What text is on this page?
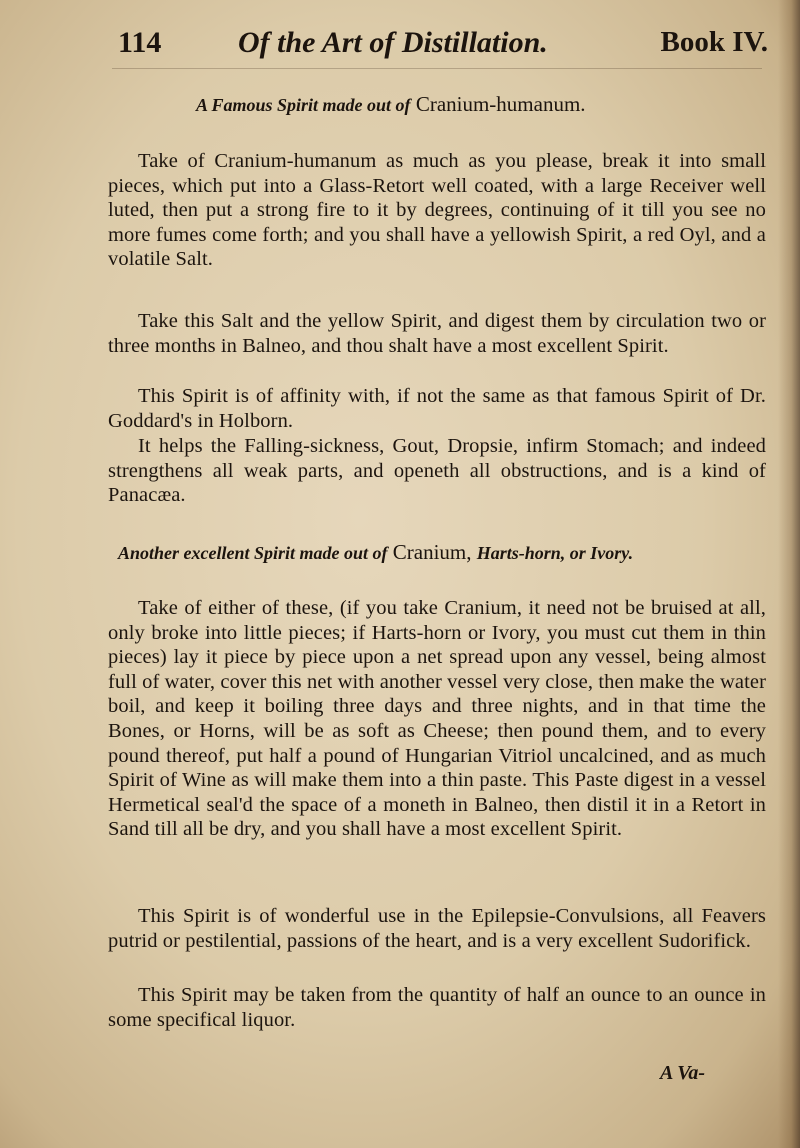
114	Of the Art of Distillation.	Book IV.
A Famous Spirit made out of Cranium-humanum.

Take of Cranium-humanum as much as you please, break it into small pieces, which put into a Glass-Retort well coated, with a large Receiver well luted, then put a strong fire to it by degrees, continuing of it till you see no more fumes come forth; and you shall have a yellowish Spirit, a red Oyl, and a volatile Salt.

Take this Salt and the yellow Spirit, and digest them by circulation two or three months in Balneo, and thou shalt have a most excellent Spirit.

This Spirit is of affinity with, if not the same as that famous Spirit of Dr. Goddard's in Holborn.

It helps the Falling-sickness, Gout, Dropsie, infirm Stomach; and indeed strengthens all weak parts, and openeth all obstructions, and is a kind of Panacæa.

Another excellent Spirit made out of Cranium, Harts-horn, or Ivory.

Take of either of these, (if you take Cranium, it need not be bruised at all, only broke into little pieces; if Harts-horn or Ivory, you must cut them in thin pieces) lay it piece by piece upon a net spread upon any vessel, being almost full of water, cover this net with another vessel very close, then make the water boil, and keep it boiling three days and three nights, and in that time the Bones, or Horns, will be as soft as Cheese; then pound them, and to every pound thereof, put half a pound of Hungarian Vitriol uncalcined, and as much Spirit of Wine as will make them into a thin paste. This Paste digest in a vessel Hermetical seal'd the space of a moneth in Balneo, then distil it in a Retort in Sand till all be dry, and you shall have a most excellent Spirit.

This Spirit is of wonderful use in the Epilepsie-Convulsions, all Feavers putrid or pestilential, passions of the heart, and is a very excellent Sudorifick.

This Spirit may be taken from the quantity of half an ounce to an ounce in some specifical liquor.

A Va-
